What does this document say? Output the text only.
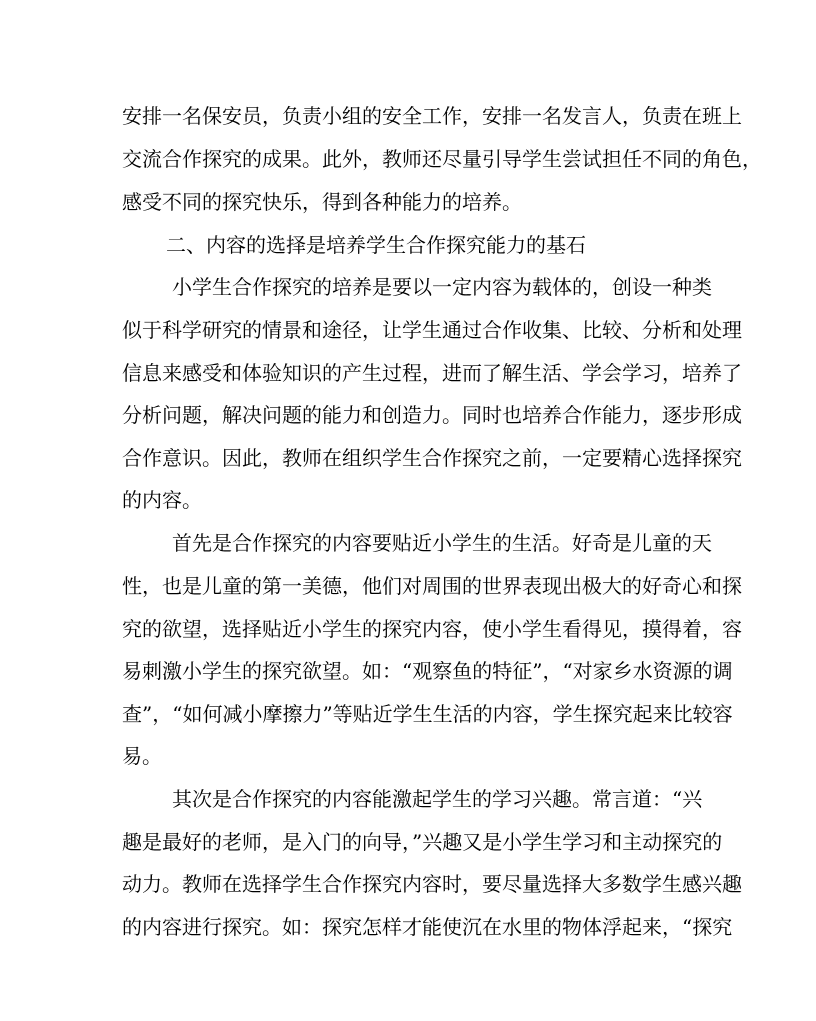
安排一名保安员，负责小组的安全工作，安排一名发言人，负责在班上

交流合作探究的成果。此外，教师还尽量引导学生尝试担任不同的角色，

感受不同的探究快乐，得到各种能力的培养。

二、内容的选择是培养学生合作探究能力的基石

小学生合作探究的培养是要以一定内容为载体的，创设一种类

似于科学研究的情景和途径，让学生通过合作收集、比较、分析和处理

信息来感受和体验知识的产生过程，进而了解生活、学会学习，培养了

分析问题，解决问题的能力和创造力。同时也培养合作能力，逐步形成

合作意识。因此，教师在组织学生合作探究之前，一定要精心选择探究

的内容。

首先是合作探究的内容要贴近小学生的生活。好奇是儿童的天

性，也是儿童的第一美德，他们对周围的世界表现出极大的好奇心和探

究的欲望，选择贴近小学生的探究内容，使小学生看得见，摸得着，容

易刺激小学生的探究欲望。如：“观察鱼的特征”，“对家乡水资源的调

查”，“如何减小摩擦力”等贴近学生生活的内容，学生探究起来比较容

易。

其次是合作探究的内容能激起学生的学习兴趣。常言道：“兴

趣是最好的老师，是入门的向导，”兴趣又是小学生学习和主动探究的

动力。教师在选择学生合作探究内容时，要尽量选择大多数学生感兴趣

的内容进行探究。如：探究怎样才能使沉在水里的物体浮起来，“探究
